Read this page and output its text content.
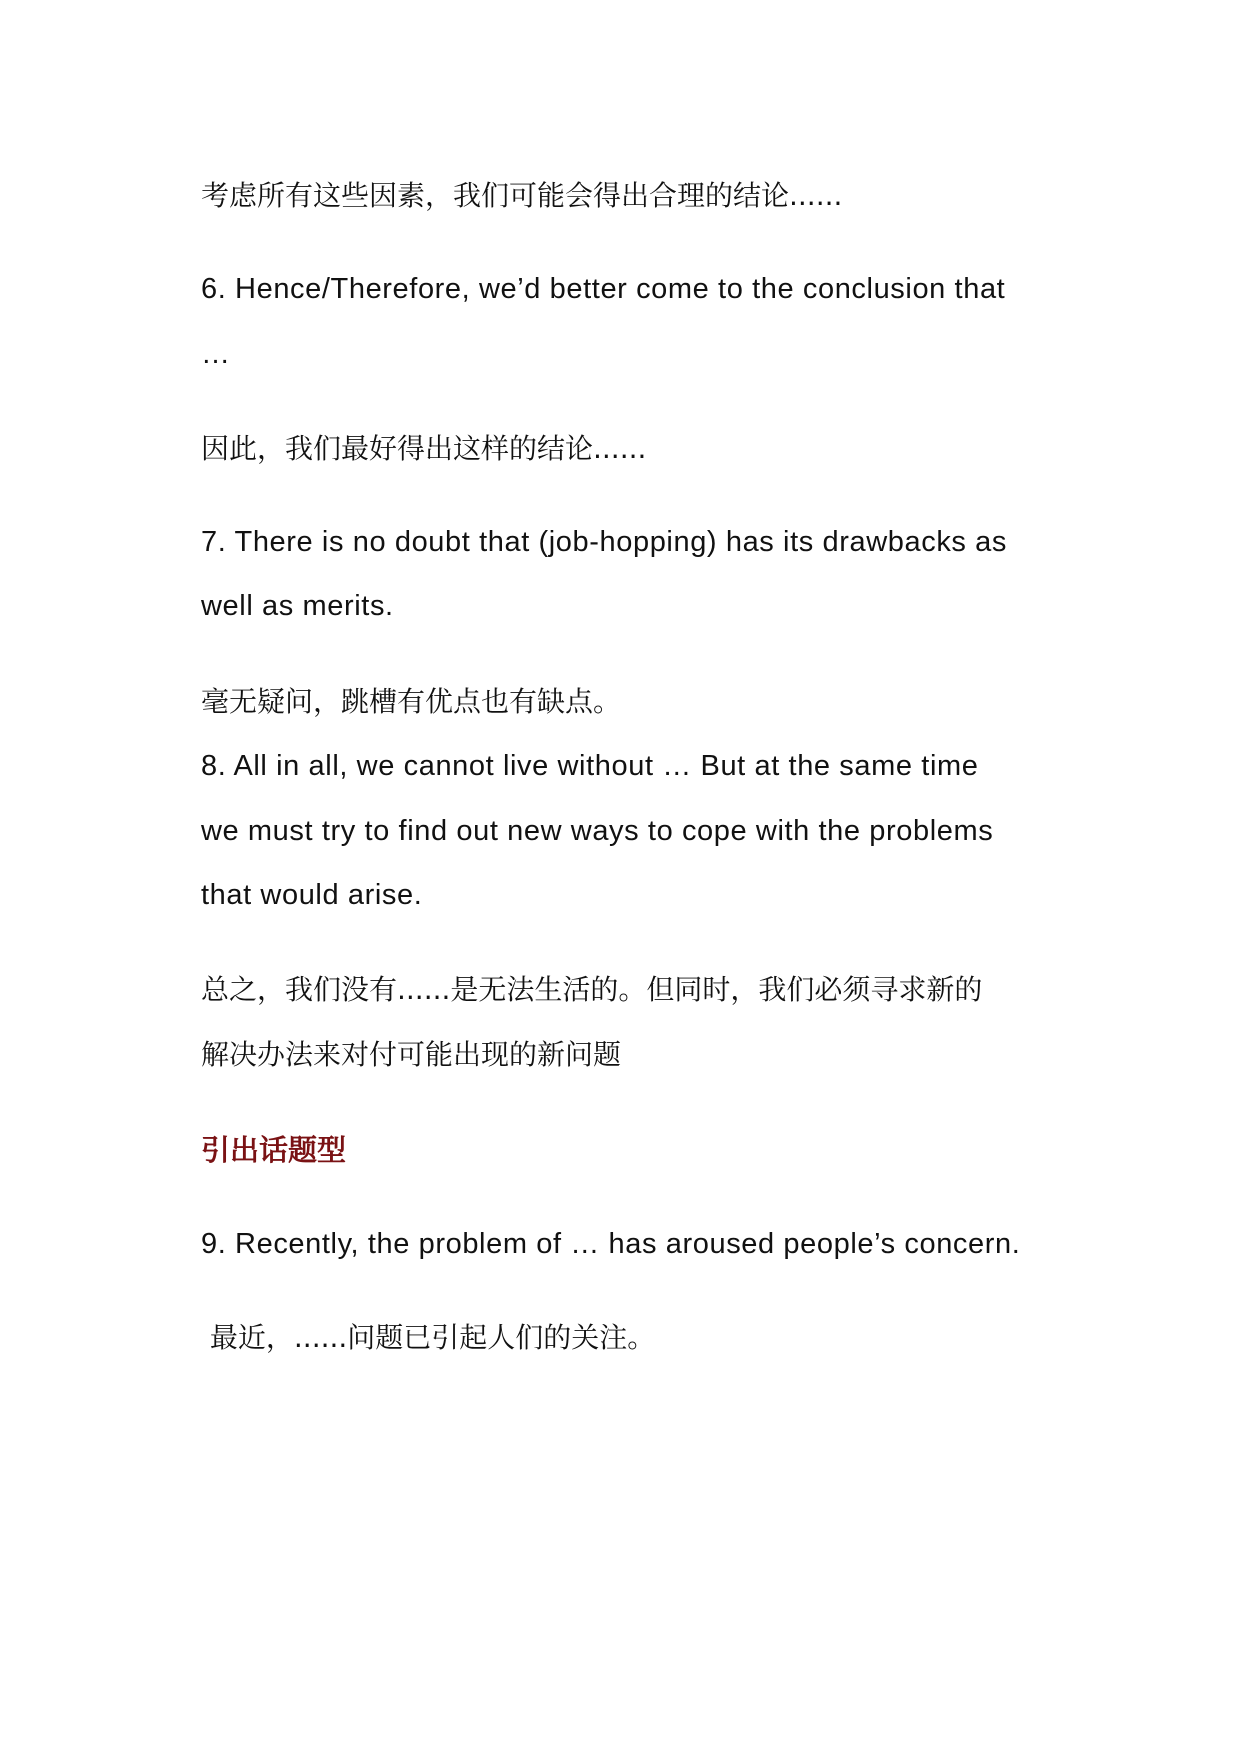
考虑所有这些因素，我们可能会得出合理的结论......

6. Hence/Therefore, we’d better come to the conclusion that

…

因此，我们最好得出这样的结论......

7. There is no doubt that (job-hopping) has its drawbacks as

well as merits.

毫无疑问，跳槽有优点也有缺点。

8. All in all, we cannot live without … But at the same time

we must try to find out new ways to cope with the problems

that would arise.

总之，我们没有......是无法生活的。但同时，我们必须寻求新的

解决办法来对付可能出现的新问题

引出话题型

9. Recently, the problem of … has aroused people’s concern.

最近，......问题已引起人们的关注。
